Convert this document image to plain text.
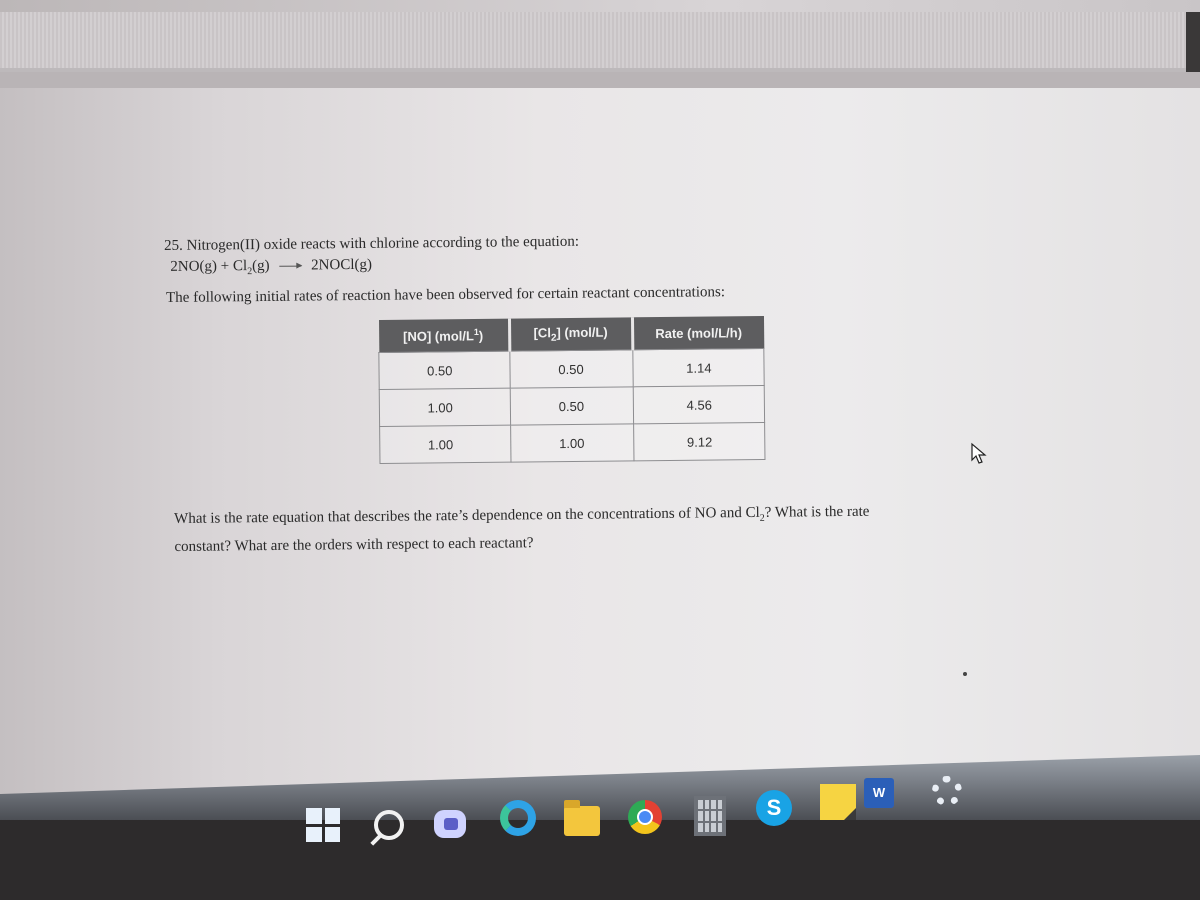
25. Nitrogen(II) oxide reacts with chlorine according to the equation:
$2NO(g) + Cl_2(g)$	2NOCl(g)
The following initial rates of reaction have been observed for certain reactant concentrations:
[NO] $(mol/L^1)$	$[Cl_2]$ (mol/L)	Rate (mol/L/h)
0.50	0.50	1.14
1.00	0.50	4.56
1.00	1.00	9.12
What is the rate equation that describes the rate’s dependence on the concentrations of NO and $Cl_2$? What is the rate
constant? What are the orders with respect to each reactant?
S
W
